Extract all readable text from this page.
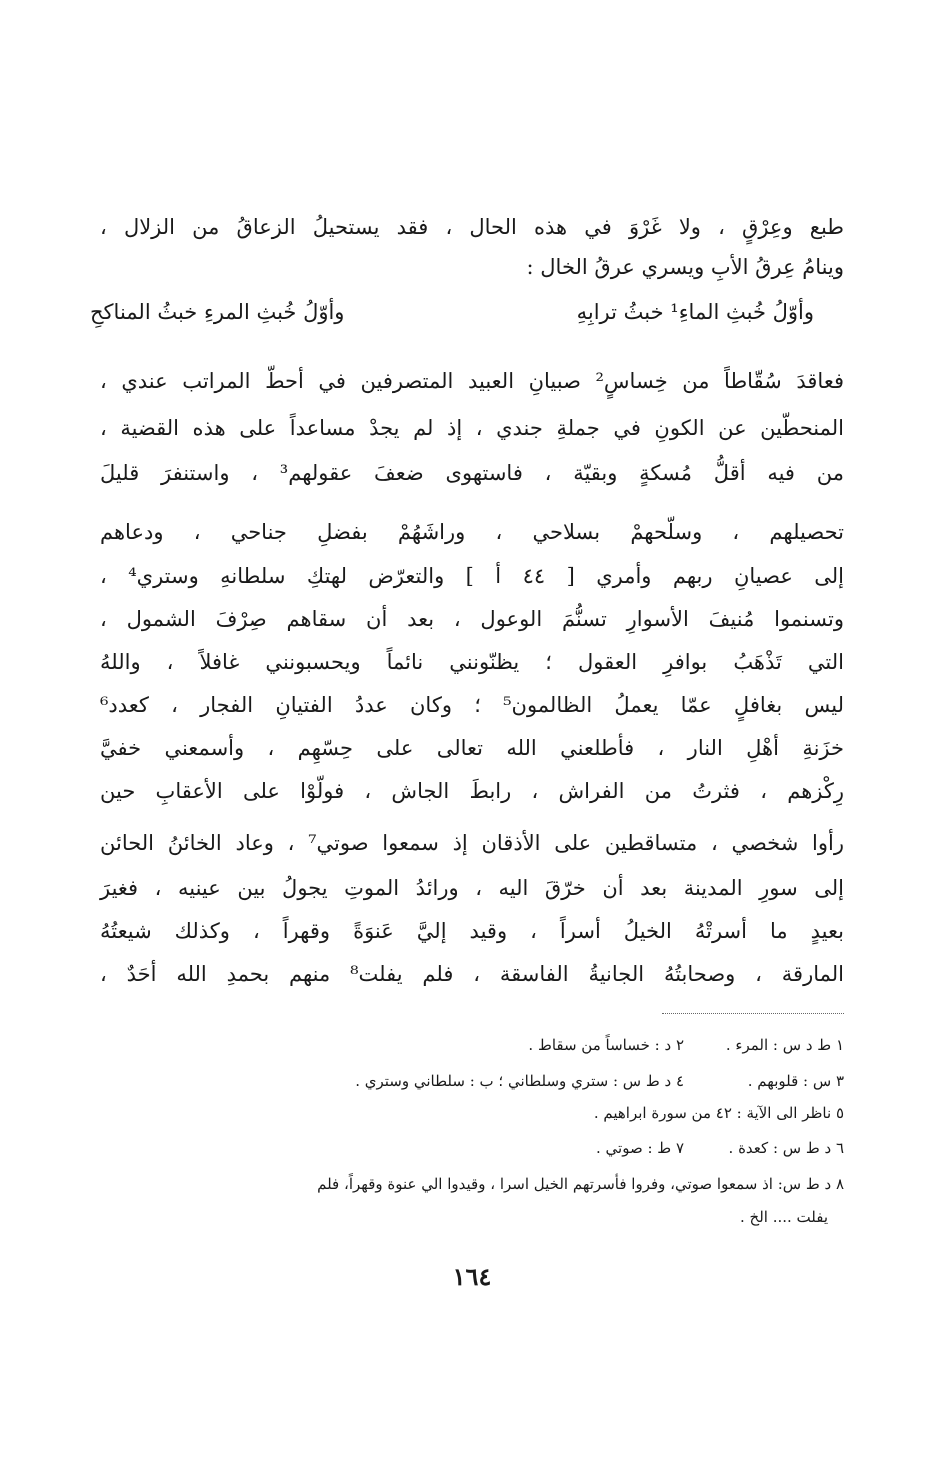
طبع وعِرْقٍ ، ولا غَرْوَ في هذه الحال ، فقد يستحيلُ الزعاقُ من الزلال ،
وينامُ عِرقُ الأبِ ويسري عرقُ الخال :
وأوّلُ خُبثِ الماءِ¹ خبثُ ترابِهِ
وأوّلُ خُبثِ المرءِ خبثُ المناكحِ
فعاقدَ سُقّاطاً من خِساسٍ² صبيانِ العبيد المتصرفين في أحطّ المراتب عندي ،
المنحطّين عن الكونِ في جملةِ جندي ، إذ لم يجدْ مساعداً على هذه القضية ،
من فيه أقلُّ مُسكةٍ وبقيّة ، فاستهوى ضعفَ عقولهم³ ، واستنفرَ قليلَ
تحصيلهم ، وسلّحهمْ بسلاحي ، وراشَهُمْ بفضلِ جناحي ، ودعاهم
إلى عصيانِ ربهم وأمري [ ٤٤ أ ] والتعرّض لهتكِ سلطانهِ وستري⁴ ،
وتسنموا مُنيفَ الأسوارِ تسنُّمَ الوعول ، بعد أن سقاهم صِرْفَ الشمول ،
التي تَذْهَبُ بوافرِ العقول ؛ يظنّونني نائماً ويحسبونني غافلاً ، واللهُ
ليس بغافلٍ عمّا يعملُ الظالمون⁵ ؛ وكان عددُ الفتيانِ الفجار ، كعدد⁶
خزَنةِ أهْلِ النار ، فأطلعني الله تعالى على حِسّهِم ، وأسمعني خفيَّ
رِكْزهم ، فثرتُ من الفراش ، رابطَ الجاش ، فولّوْا على الأعقابِ حين
رأوا شخصي ، متساقطين على الأذقان إذ سمعوا صوتي⁷ ، وعاد الخائنُ الحائن
إلى سورِ المدينة بعد أن خرّقَ اليه ، ورائدُ الموتِ يجولُ بين عينيه ، فغيرَ
بعيدٍ ما أسرتْهُ الخيلُ أسراً ، وقيد إليَّ عَنوَةً وقهراً ، وكذلك شيعتُهُ
المارقة ، وصحابتُهُ الجانيةُ الفاسقة ، فلم يفلت⁸ منهم بحمدِ الله أحَدٌ ،
١ ط د س : المرء .
٢ د : خساساً من سقاط .
٣ س : قلوبهم .
٤ د ط س : ستري وسلطاني ؛ ب : سلطاني وستري .
٥ ناظر الى الآية : ٤٢ من سورة ابراهيم .
٦ د ط س : كعدة .
٧ ط : صوتي .
٨ د ط س: اذ سمعوا صوتي، وفروا فأسرتهم الخيل اسرا ، وقيدوا الي عنوة وقهراً، فلم
يفلت .... الخ .
١٦٤
